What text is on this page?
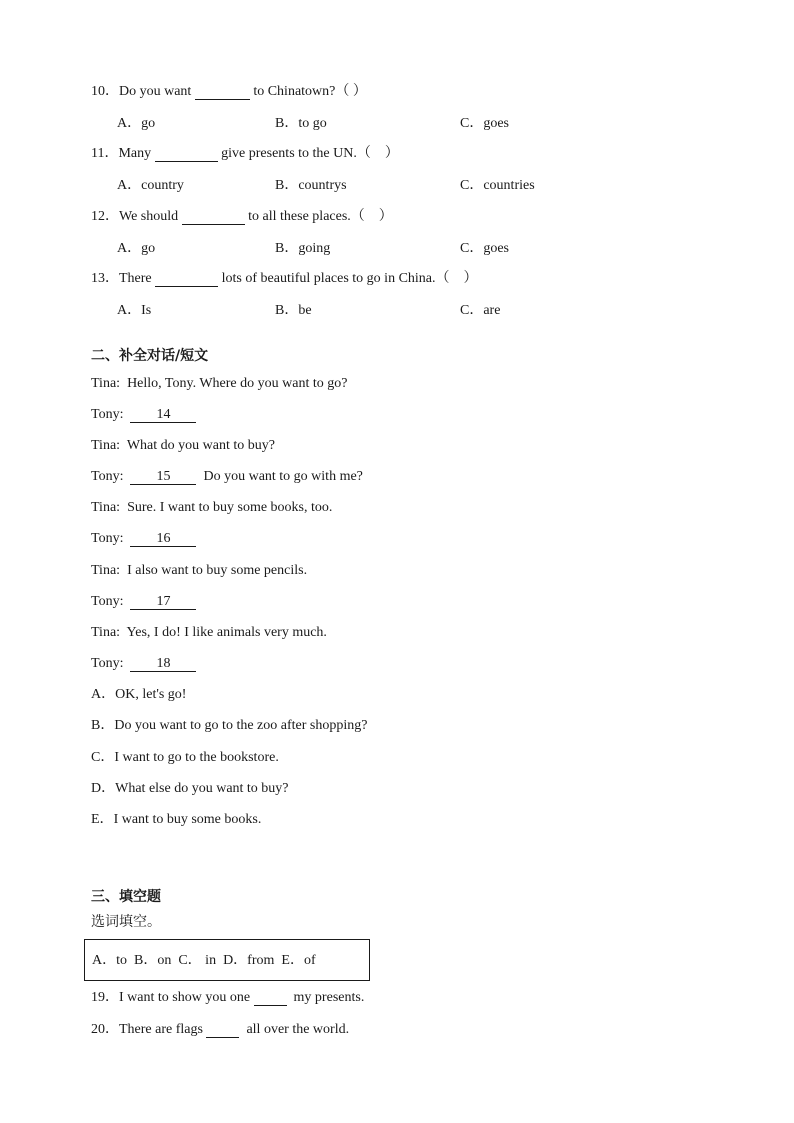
10．Do you want	to Chinatown?（ ）
A．go	B．to go	C．goes
11．Many	give presents to the UN.（　）
A．country	B．countrys	C．countries
12．We should	to all these places.（　）
A．go	B．going	C．goes
13．There	lots of beautiful places to go in China.（　）
A．Is	B．be	C．are
二、补全对话/短文
Tina: Hello, Tony. Where do you want to go?
Tony: 14
Tina: What do you want to buy?
Tony: 15 Do you want to go with me?
Tina: Sure. I want to buy some books, too.
Tony: 16
Tina: I also want to buy some pencils.
Tony: 17
Tina: Yes, I do! I like animals very much.
Tony: 18
A．OK, let's go!
B．Do you want to go to the zoo after shopping?
C．I want to go to the bookstore.
D．What else do you want to buy?
E．I want to buy some books.
三、填空题
选词填空。
A．to  B．on  C． in  D．from  E．of
19．I want to show you one	my presents.
20．There are flags	all over the world.
